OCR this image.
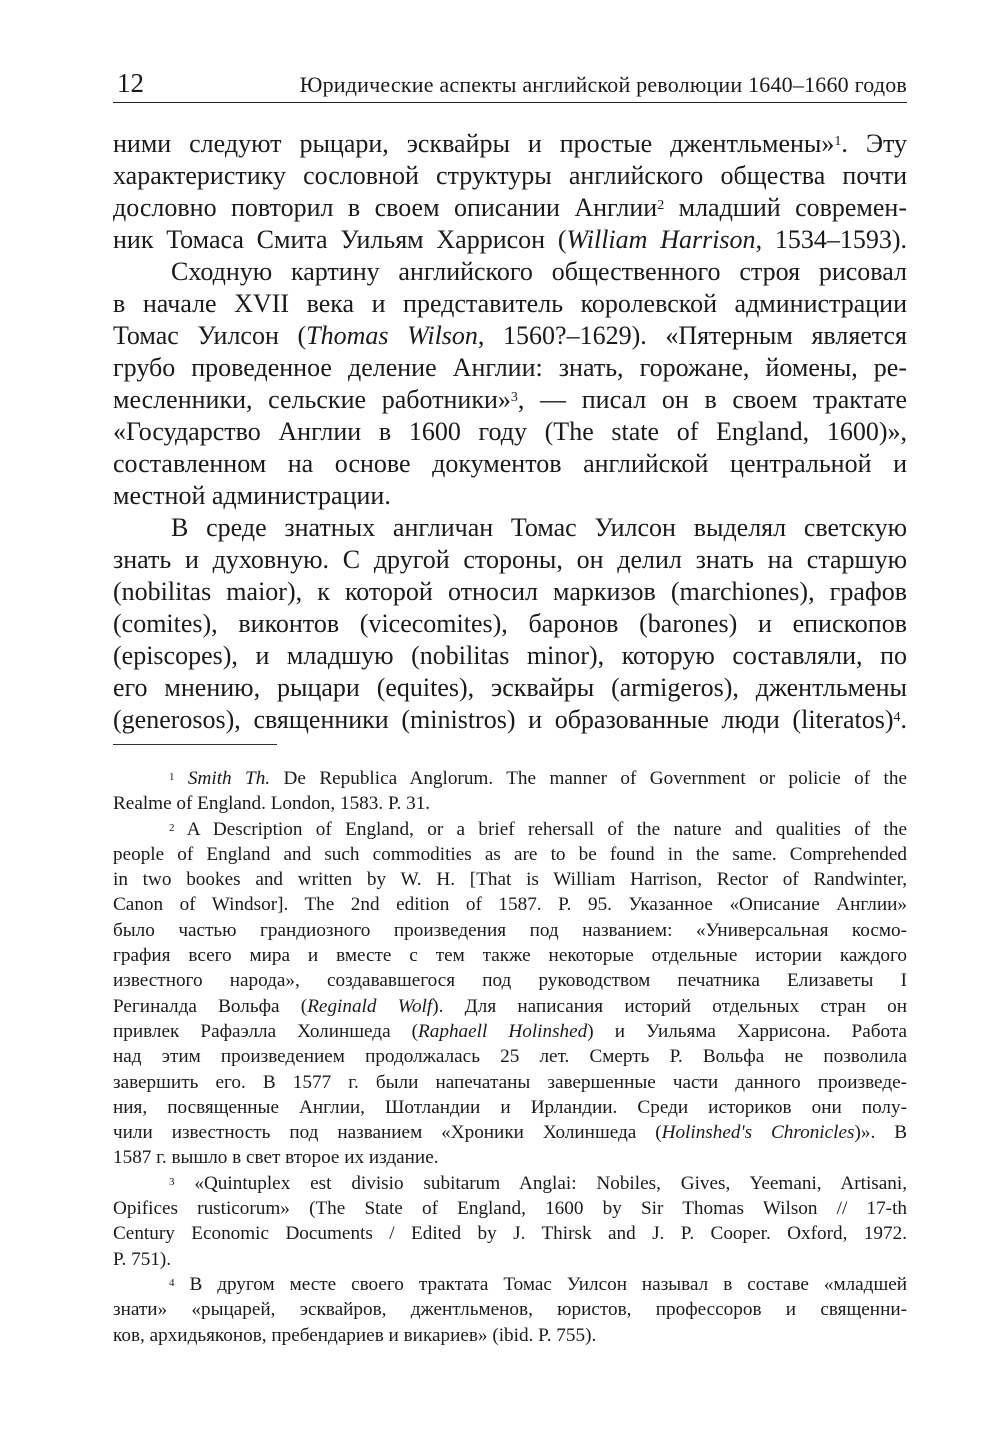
12	Юридические аспекты английской революции 1640–1660 годов

ними следуют рыцари, эсквайры и простые джентльмены»$^1$. Эту
характеристику сословной структуры английского общества почти
дословно повторил в своем описании Англии$^2$ младший современ-
ник Томаса Смита Уильям Харрисон (William Harrison, 1534–1593).

Сходную картину английского общественного строя рисовал
в начале XVII века и представитель королевской администрации
Томас Уилсон (Thomas Wilson, 1560?–1629). «Пятерным является
грубо проведенное деление Англии: знать, горожане, йомены, ре-
месленники, сельские работники»$^3$, — писал он в своем трактате
«Государство Англии в 1600 году (The state of England, 1600)»,
составленном на основе документов английской центральной и
местной администрации.

В среде знатных англичан Томас Уилсон выделял светскую
знать и духовную. С другой стороны, он делил знать на старшую
(nobilitas maior), к которой относил маркизов (marchiones), графов
(comites), виконтов (vicecomites), баронов (barones) и епископов
(episcopes), и младшую (nobilitas minor), которую составляли, по
его мнению, рыцари (equites), эсквайры (armigeros), джентльмены
(generosos), священники (ministros) и образованные люди (literatos)$^4$.

$^1$ Smith Th. De Republica Anglorum. The manner of Government or policie of the
Realme of England. London, 1583. P. 31.

$^2$ A Description of England, or a brief rehersall of the nature and qualities of the
people of England and such commodities as are to be found in the same. Comprehended
in two bookes and written by W. H. [That is William Harrison, Rector of Randwinter,
Canon of Windsor]. The 2nd edition of 1587. P. 95. Указанное «Описание Англии»
было частью грандиозного произведения под названием: «Универсальная космо-
графия всего мира и вместе с тем также некоторые отдельные истории каждого
известного народа», создававшегося под руководством печатника Елизаветы I
Региналда Вольфа (Reginald Wolf). Для написания историй отдельных стран он
привлек Рафаэлла Холиншеда (Raphaell Holinshed) и Уильяма Харрисона. Работа
над этим произведением продолжалась 25 лет. Смерть Р. Вольфа не позволила
завершить его. В 1577 г. были напечатаны завершенные части данного произведе-
ния, посвященные Англии, Шотландии и Ирландии. Среди историков они полу-
чили известность под названием «Хроники Холиншеда (Holinshed's Chronicles)». В
1587 г. вышло в свет второе их издание.

$^3$ «Quintuplex est divisio subitarum Anglai: Nobiles, Gives, Yeemani, Artisani,
Opifices rusticorum» (The State of England, 1600 by Sir Thomas Wilson // 17-th
Century Economic Documents / Edited by J. Thirsk and J. P. Cooper. Oxford, 1972.
P. 751).

$^4$ В другом месте своего трактата Томас Уилсон называл в составе «младшей
знати» «рыцарей, эсквайров, джентльменов, юристов, профессоров и священни-
ков, архидьяконов, пребендариев и викариев» (ibid. P. 755).
